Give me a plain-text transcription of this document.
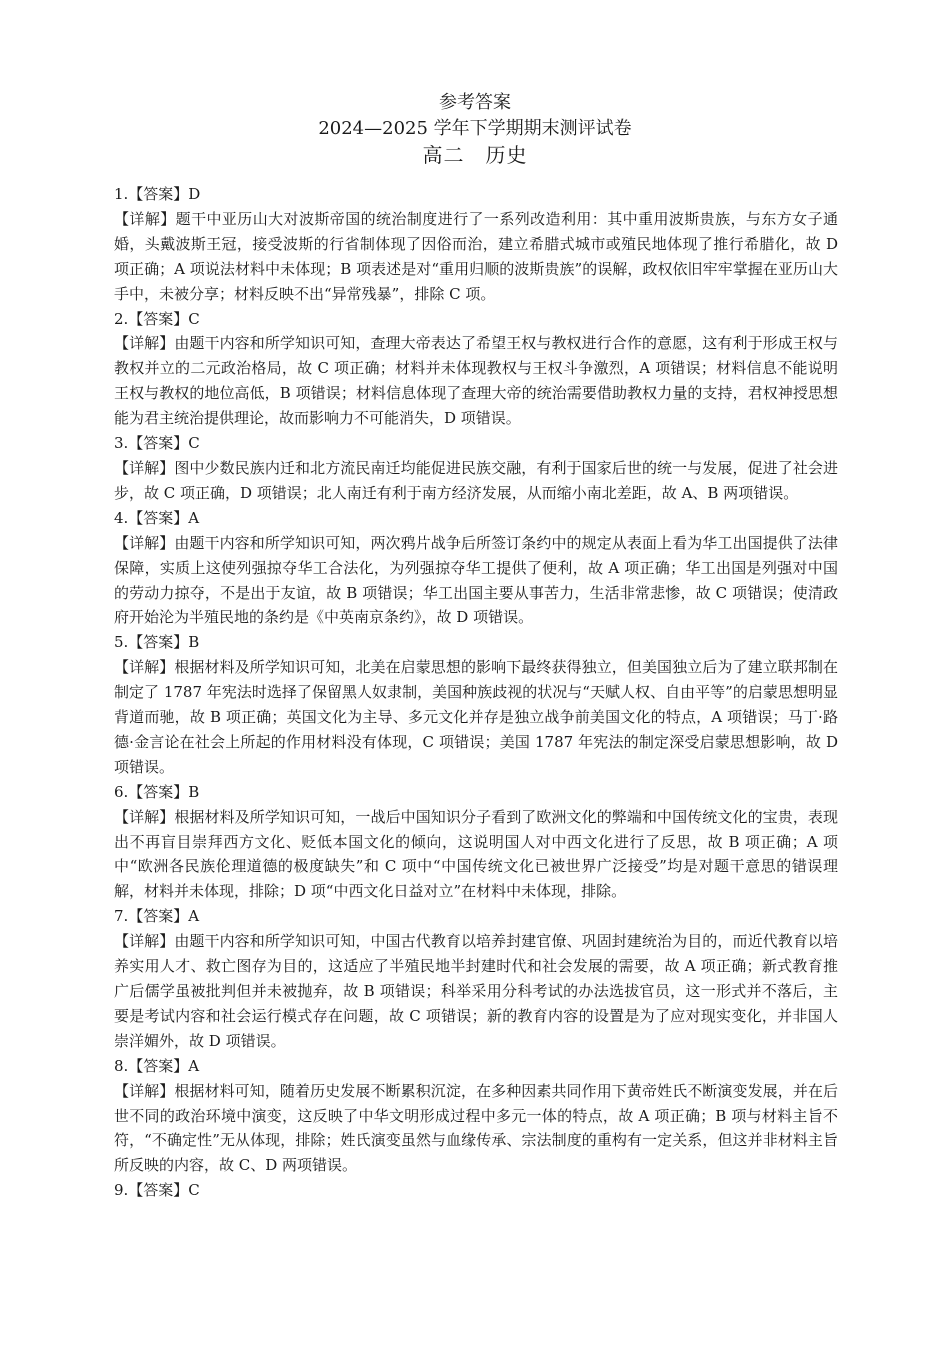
参考答案
2024—2025 学年下学期期末测评试卷
高二　历史
1.【答案】D
【详解】题干中亚历山大对波斯帝国的统治制度进行了一系列改造利用：其中重用波斯贵族，与东方女子通婚，头戴波斯王冠，接受波斯的行省制体现了因俗而治，建立希腊式城市或殖民地体现了推行希腊化，故 D 项正确；A 项说法材料中未体现；B 项表述是对“重用归顺的波斯贵族”的误解，政权依旧牢牢掌握在亚历山大手中，未被分享；材料反映不出“异常残暴”，排除 C 项。
2.【答案】C
【详解】由题干内容和所学知识可知，查理大帝表达了希望王权与教权进行合作的意愿，这有利于形成王权与教权并立的二元政治格局，故 C 项正确；材料并未体现教权与王权斗争激烈，A 项错误；材料信息不能说明王权与教权的地位高低，B 项错误；材料信息体现了查理大帝的统治需要借助教权力量的支持，君权神授思想能为君主统治提供理论，故而影响力不可能消失，D 项错误。
3.【答案】C
【详解】图中少数民族内迁和北方流民南迁均能促进民族交融，有利于国家后世的统一与发展，促进了社会进步，故 C 项正确，D 项错误；北人南迁有利于南方经济发展，从而缩小南北差距，故 A、B 两项错误。
4.【答案】A
【详解】由题干内容和所学知识可知，两次鸦片战争后所签订条约中的规定从表面上看为华工出国提供了法律保障，实质上这使列强掠夺华工合法化，为列强掠夺华工提供了便利，故 A 项正确；华工出国是列强对中国的劳动力掠夺，不是出于友谊，故 B 项错误；华工出国主要从事苦力，生活非常悲惨，故 C 项错误；使清政府开始沦为半殖民地的条约是《中英南京条约》，故 D 项错误。
5.【答案】B
【详解】根据材料及所学知识可知，北美在启蒙思想的影响下最终获得独立，但美国独立后为了建立联邦制在制定了 1787 年宪法时选择了保留黑人奴隶制，美国种族歧视的状况与“天赋人权、自由平等”的启蒙思想明显背道而驰，故 B 项正确；英国文化为主导、多元文化并存是独立战争前美国文化的特点，A 项错误；马丁·路德·金言论在社会上所起的作用材料没有体现，C 项错误；美国 1787 年宪法的制定深受启蒙思想影响，故 D 项错误。
6.【答案】B
【详解】根据材料及所学知识可知，一战后中国知识分子看到了欧洲文化的弊端和中国传统文化的宝贵，表现出不再盲目崇拜西方文化、贬低本国文化的倾向，这说明国人对中西文化进行了反思，故 B 项正确；A 项中“欧洲各民族伦理道德的极度缺失”和 C 项中“中国传统文化已被世界广泛接受”均是对题干意思的错误理解，材料并未体现，排除；D 项“中西文化日益对立”在材料中未体现，排除。
7.【答案】A
【详解】由题干内容和所学知识可知，中国古代教育以培养封建官僚、巩固封建统治为目的，而近代教育以培养实用人才、救亡图存为目的，这适应了半殖民地半封建时代和社会发展的需要，故 A 项正确；新式教育推广后儒学虽被批判但并未被抛弃，故 B 项错误；科举采用分科考试的办法选拔官员，这一形式并不落后，主要是考试内容和社会运行模式存在问题，故 C 项错误；新的教育内容的设置是为了应对现实变化，并非国人崇洋媚外，故 D 项错误。
8.【答案】A
【详解】根据材料可知，随着历史发展不断累积沉淀，在多种因素共同作用下黄帝姓氏不断演变发展，并在后世不同的政治环境中演变，这反映了中华文明形成过程中多元一体的特点，故 A 项正确；B 项与材料主旨不符，“不确定性”无从体现，排除；姓氏演变虽然与血缘传承、宗法制度的重构有一定关系，但这并非材料主旨所反映的内容，故 C、D 两项错误。
9.【答案】C
